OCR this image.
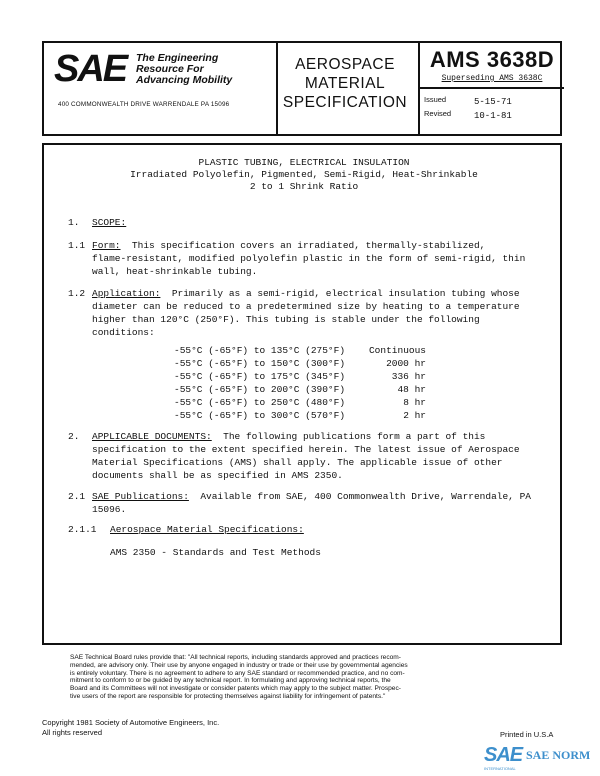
SAE The Engineering
Resource For
Advancing Mobility
400 COMMONWEALTH DRIVE WARRENDALE PA 15096
AEROSPACE
MATERIAL
SPECIFICATION
AMS 3638D
Superseding AMS 3638C
Issued	5-15-71
Revised	10-1-81
PLASTIC TUBING, ELECTRICAL INSULATION
Irradiated Polyolefin, Pigmented, Semi-Rigid, Heat-Shrinkable
2 to 1 Shrink Ratio
1. SCOPE:
1.1 Form: This specification covers an irradiated, thermally-stabilized,
flame-resistant, modified polyolefin plastic in the form of semi-rigid, thin
wall, heat-shrinkable tubing.
1.2 Application: Primarily as a semi-rigid, electrical insulation tubing whose
diameter can be reduced to a predetermined size by heating to a temperature
higher than 120°C (250°F). This tubing is stable under the following
conditions:
-55°C (-65°F) to 135°C (275°F)	Continuous
-55°C (-65°F) to 150°C (300°F)	2000 hr
-55°C (-65°F) to 175°C (345°F)	336 hr
-55°C (-65°F) to 200°C (390°F)	48 hr
-55°C (-65°F) to 250°C (480°F)	8 hr
-55°C (-65°F) to 300°C (570°F)	2 hr
2. APPLICABLE DOCUMENTS: The following publications form a part of this
specification to the extent specified herein. The latest issue of Aerospace
Material Specifications (AMS) shall apply. The applicable issue of other
documents shall be as specified in AMS 2350.
2.1 SAE Publications: Available from SAE, 400 Commonwealth Drive, Warrendale, PA
15096.
2.1.1 Aerospace Material Specifications:
AMS 2350 - Standards and Test Methods
SAE Technical Board rules provide that: "All technical reports, including standards approved and practices recom-
mended, are advisory only. Their use by anyone engaged in industry or trade or their use by governmental agencies
is entirely voluntary. There is no agreement to adhere to any SAE standard or recommended practice, and no com-
mitment to conform to or be guided by any technical report. In formulating and approving technical reports, the
Board and its Committees will not investigate or consider patents which may apply to the subject matter. Prospec-
tive users of the report are responsible for protecting themselves against liability for infringement of patents."
Copyright 1981 Society of Automotive Engineers, Inc.
All rights reserved	Printed in U.S.A
SAE SAE NORM
INTERNATIONAL
